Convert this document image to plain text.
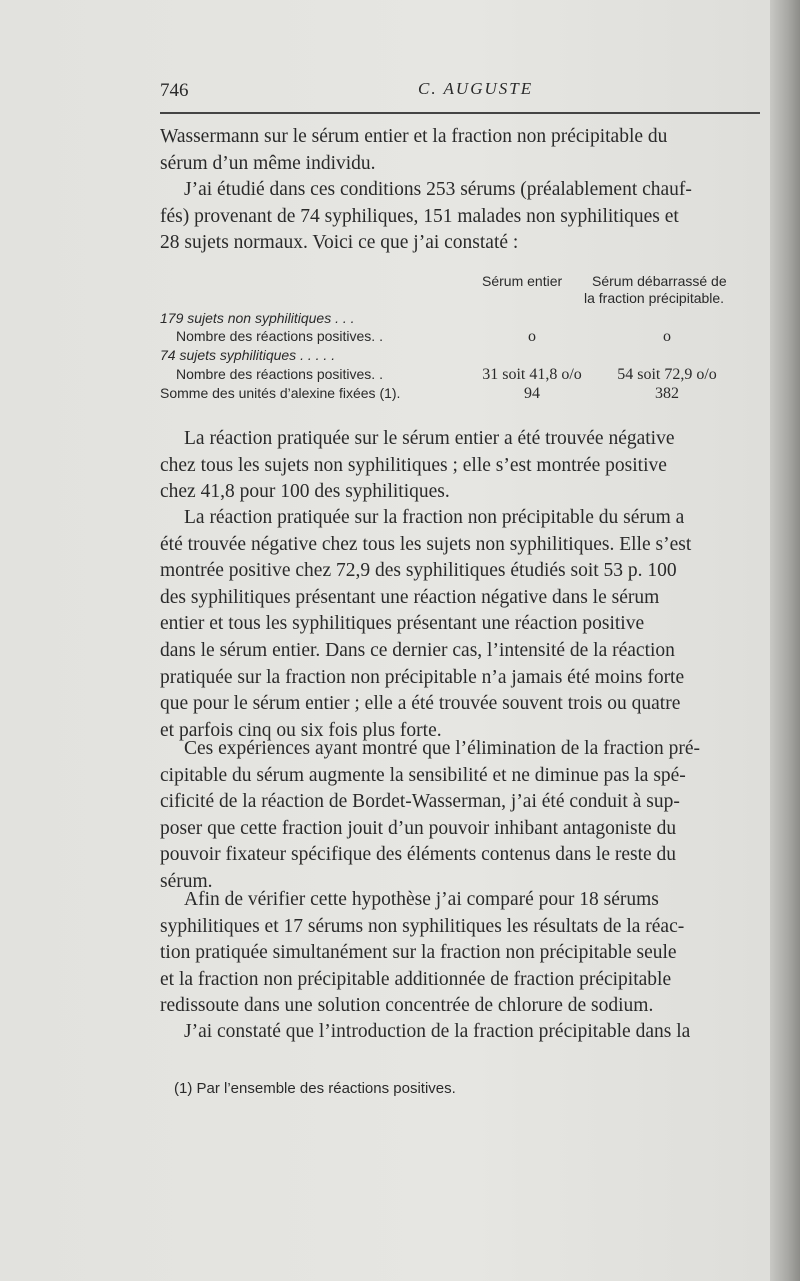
746	C. AUGUSTE
Wassermann sur le sérum entier et la fraction non précipitable du
sérum d’un même individu.
J’ai étudié dans ces conditions 253 sérums (préalablement chauf-
fés) provenant de 74 syphiliques, 151 malades non syphilitiques et
28 sujets normaux. Voici ce que j’ai constaté :
Sérum entier Sérum débarrassé de
la fraction précipitable.
179 sujets non syphilitiques . . .
Nombre des réactions positives. .	o	o
74 sujets syphilitiques . . . . .
Nombre des réactions positives. .	31 soit 41,8 o/o	54 soit 72,9 o/o
Somme des unités d’alexine fixées (1).	94	382
La réaction pratiquée sur le sérum entier a été trouvée négative
chez tous les sujets non syphilitiques ; elle s’est montrée positive
chez 41,8 pour 100 des syphilitiques.
La réaction pratiquée sur la fraction non précipitable du sérum a
été trouvée négative chez tous les sujets non syphilitiques. Elle s’est
montrée positive chez 72,9 des syphilitiques étudiés soit 53 p. 100
des syphilitiques présentant une réaction négative dans le sérum
entier et tous les syphilitiques présentant une réaction positive
dans le sérum entier. Dans ce dernier cas, l’intensité de la réaction
pratiquée sur la fraction non précipitable n’a jamais été moins forte
que pour le sérum entier ; elle a été trouvée souvent trois ou quatre
et parfois cinq ou six fois plus forte.
Ces expériences ayant montré que l’élimination de la fraction pré-
cipitable du sérum augmente la sensibilité et ne diminue pas la spé-
cificité de la réaction de Bordet-Wasserman, j’ai été conduit à sup-
poser que cette fraction jouit d’un pouvoir inhibant antagoniste du
pouvoir fixateur spécifique des éléments contenus dans le reste du
sérum.
Afin de vérifier cette hypothèse j’ai comparé pour 18 sérums
syphilitiques et 17 sérums non syphilitiques les résultats de la réac-
tion pratiquée simultanément sur la fraction non précipitable seule
et la fraction non précipitable additionnée de fraction précipitable
redissoute dans une solution concentrée de chlorure de sodium.
J’ai constaté que l’introduction de la fraction précipitable dans la
(1) Par l’ensemble des réactions positives.
